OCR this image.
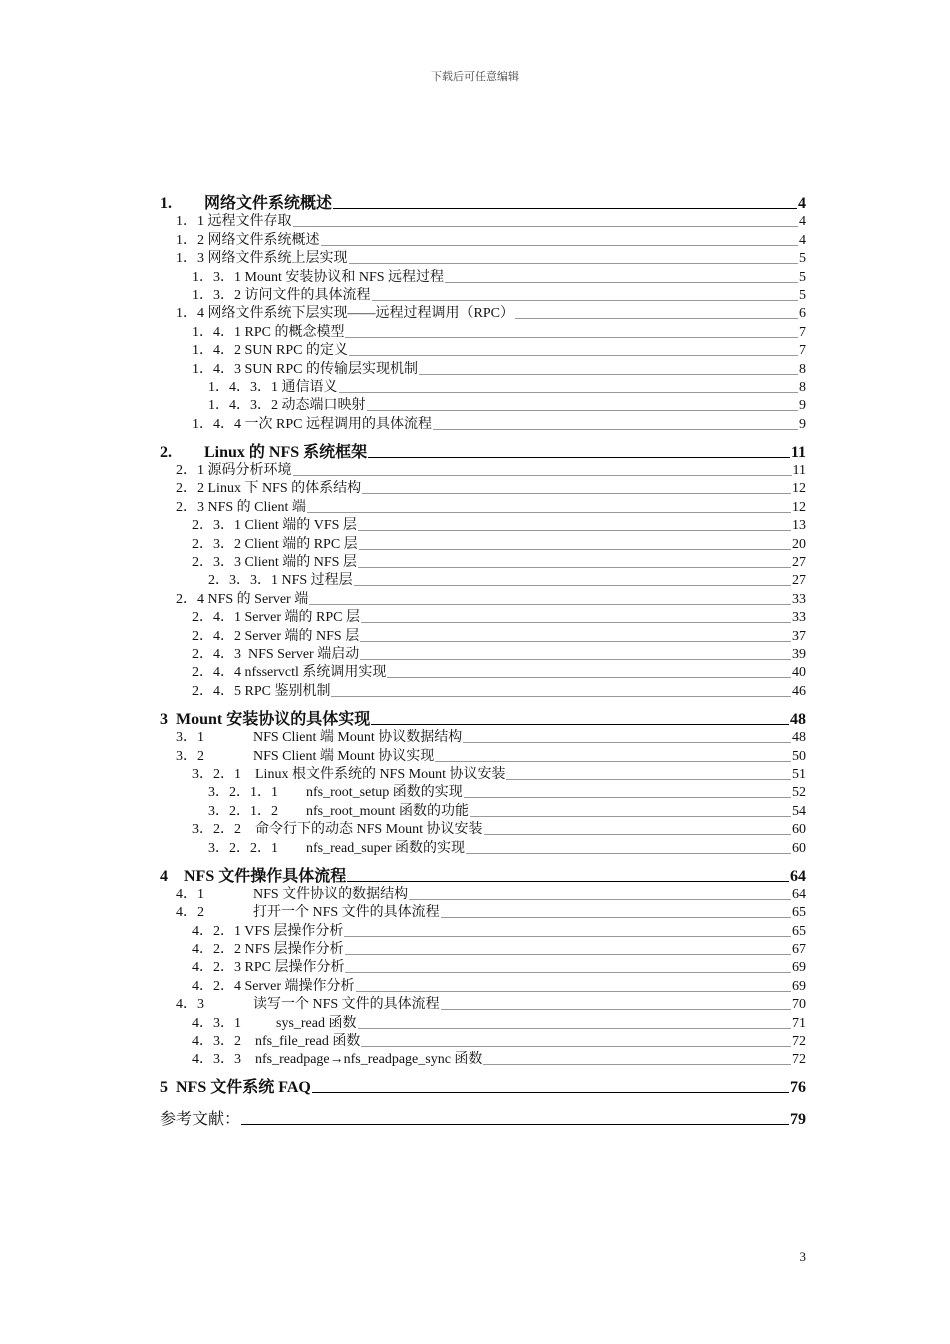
下载后可任意编辑
1.        网络文件系统概述	4
1．1 远程文件存取	4
1．2 网络文件系统概述	4
1．3 网络文件系统上层实现	5
1．3．1 Mount 安装协议和 NFS 远程过程	5
1．3．2 访问文件的具体流程	5
1．4 网络文件系统下层实现——远程过程调用（RPC）	6
1．4．1 RPC 的概念模型	7
1．4．2 SUN RPC 的定义	7
1．4．3 SUN RPC 的传输层实现机制	8
1．4．3．1 通信语义	8
1．4．3．2 动态端口映射	9
1．4．4 一次 RPC 远程调用的具体流程	9
2.        Linux 的 NFS 系统框架	11
2．1 源码分析环境	11
2．2 Linux 下 NFS 的体系结构	12
2．3 NFS 的 Client 端	12
2．3．1 Client 端的 VFS 层	13
2．3．2 Client 端的 RPC 层	20
2．3．3 Client 端的 NFS 层	27
2．3．3．1 NFS 过程层	27
2．4 NFS 的 Server 端	33
2．4．1 Server 端的 RPC 层	33
2．4．2 Server 端的 NFS 层	37
2．4．3  NFS Server 端启动	39
2．4．4 nfsservctl 系统调用实现	40
2．4．5 RPC 鉴别机制	46
3  Mount 安装协议的具体实现	48
3．1              NFS Client 端 Mount 协议数据结构	48
3．2              NFS Client 端 Mount 协议实现	50
3．2．1    Linux 根文件系统的 NFS Mount 协议安装	51
3．2．1．1        nfs_root_setup 函数的实现	52
3．2．1．2        nfs_root_mount 函数的功能	54
3．2．2    命令行下的动态 NFS Mount 协议安装	60
3．2．2．1        nfs_read_super 函数的实现	60
4    NFS 文件操作具体流程	64
4．1              NFS 文件协议的数据结构	64
4．2              打开一个 NFS 文件的具体流程	65
4．2．1 VFS 层操作分析	65
4．2．2 NFS 层操作分析	67
4．2．3 RPC 层操作分析	69
4．2．4 Server 端操作分析	69
4．3              读写一个 NFS 文件的具体流程	70
4．3．1          sys_read 函数	71
4．3．2    nfs_file_read 函数	72
4．3．3    nfs_readpage→nfs_readpage_sync 函数	72
5  NFS 文件系统 FAQ	76
参考文献：	79
3
